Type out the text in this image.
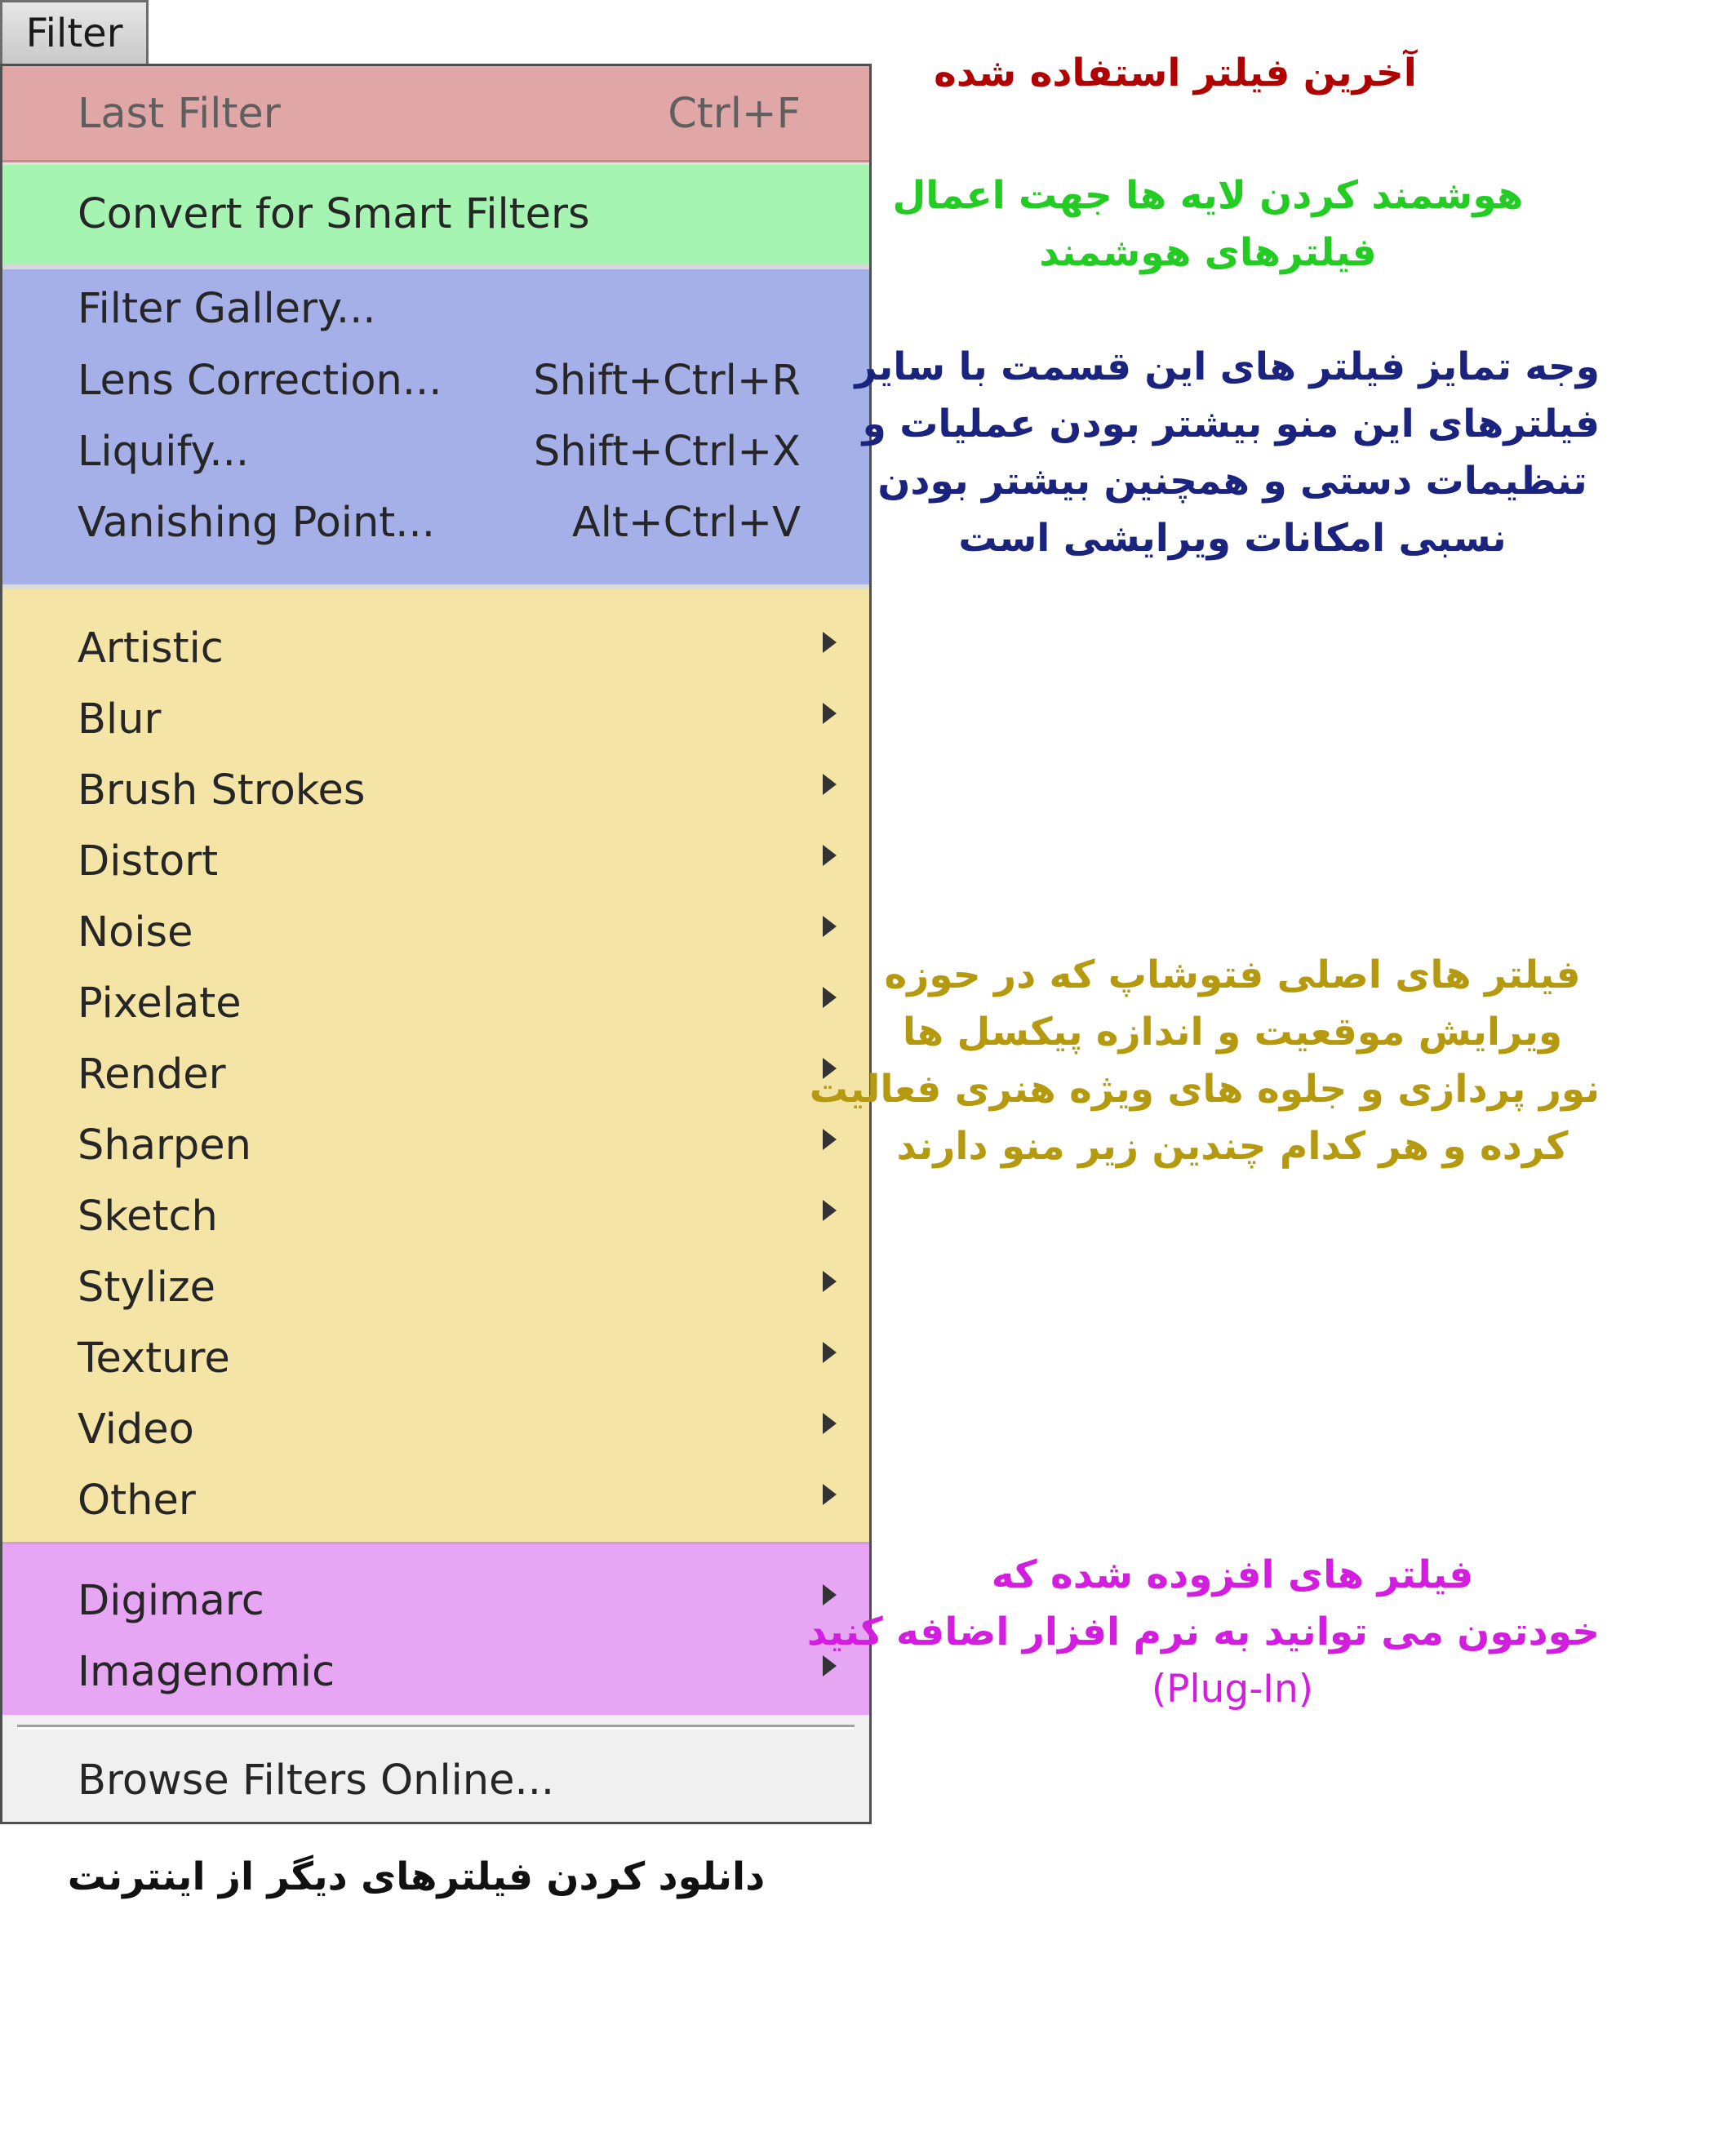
Filter
Last Filter	Ctrl+F
Convert for Smart Filters
Filter Gallery...
Lens Correction... Shift+Ctrl+R
Liquify...	Shift+Ctrl+X
Vanishing Point...	Alt+Ctrl+V
Artistic
Blur
Brush Strokes
Distort
Noise
Pixelate
Render
Sharpen
Sketch
Stylize
Texture
Video
Other
Digimarc
Imagenomic
Browse Filters Online...
آخرین فیلتر استفاده شده
هوشمند کردن لایه ها جهت اعمال
فیلترهای هوشمند
وجه تمایز فیلتر های این قسمت با سایر
فیلترهای این منو بیشتر بودن عملیات و
تنظیمات دستی و همچنین بیشتر بودن
نسبی امکانات ویرایشی است
فیلتر های اصلی فتوشاپ که در حوزه
ویرایش موقعیت و اندازه پیکسل ها
نور پردازی و جلوه های ویژه هنری فعالیت
کرده و هر کدام چندین زیر منو دارند
فیلتر های افزوده شده که
خودتون می توانید به نرم افزار اضافه کنید
(Plug-In)
دانلود کردن فیلترهای دیگر از اینترنت
